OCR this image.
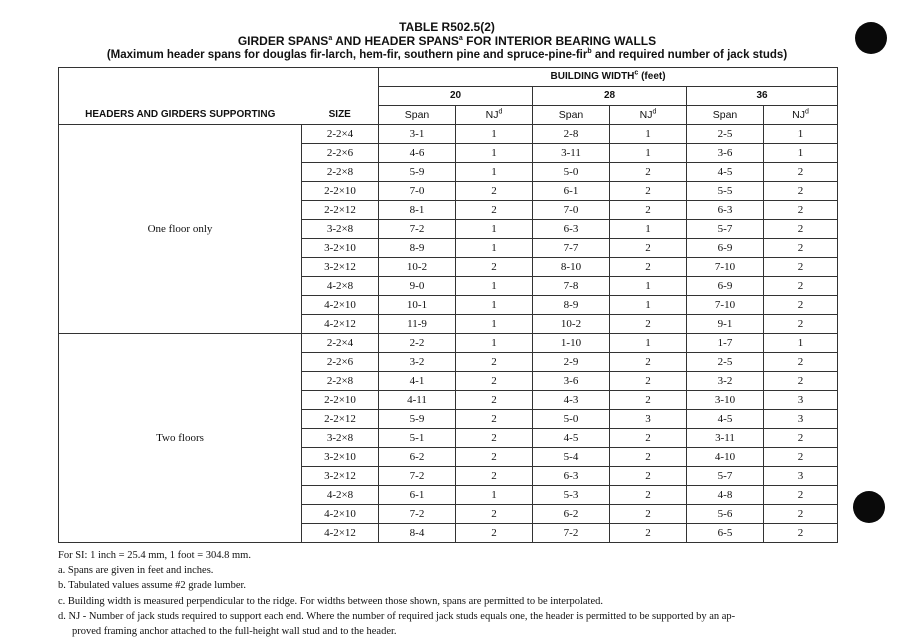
TABLE R502.5(2)
GIRDER SPANS$^a$ AND HEADER SPANS$^a$ FOR INTERIOR BEARING WALLS
(Maximum header spans for douglas fir-larch, hem-fir, southern pine and spruce-pine-fir$^b$ and required number of jack studs)
		BUILDING WIDTH$^c$ (feet)					
		20		28		36	
HEADERS AND GIRDERS SUPPORTING	SIZE	Span	$NJ^d$	Span	$NJ^d$	Span	$NJ^d$
One floor only	2-2×4	3-1	1	2-8	1	2-5	1
	2-2×6	4-6	1	3-11	1	3-6	1
	2-2×8	5-9	1	5-0	2	4-5	2
	2-2×10	7-0	2	6-1	2	5-5	2
	2-2×12	8-1	2	7-0	2	6-3	2
	3-2×8	7-2	1	6-3	1	5-7	2
	3-2×10	8-9	1	7-7	2	6-9	2
	3-2×12	10-2	2	8-10	2	7-10	2
	4-2×8	9-0	1	7-8	1	6-9	2
	4-2×10	10-1	1	8-9	1	7-10	2
	4-2×12	11-9	1	10-2	2	9-1	2
Two floors	2-2×4	2-2	1	1-10	1	1-7	1
	2-2×6	3-2	2	2-9	2	2-5	2
	2-2×8	4-1	2	3-6	2	3-2	2
	2-2×10	4-11	2	4-3	2	3-10	3
	2-2×12	5-9	2	5-0	3	4-5	3
	3-2×8	5-1	2	4-5	2	3-11	2
	3-2×10	6-2	2	5-4	2	4-10	2
	3-2×12	7-2	2	6-3	2	5-7	3
	4-2×8	6-1	1	5-3	2	4-8	2
	4-2×10	7-2	2	6-2	2	5-6	2
	4-2×12	8-4	2	7-2	2	6-5	2
For SI: 1 inch = 25.4 mm, 1 foot = 304.8 mm.
a. Spans are given in feet and inches.
b. Tabulated values assume #2 grade lumber.
c. Building width is measured perpendicular to the ridge. For widths between those shown, spans are permitted to be interpolated.
d. NJ - Number of jack studs required to support each end. Where the number of required jack studs equals one, the header is permitted to be supported by an ap-
proved framing anchor attached to the full-height wall stud and to the header.
